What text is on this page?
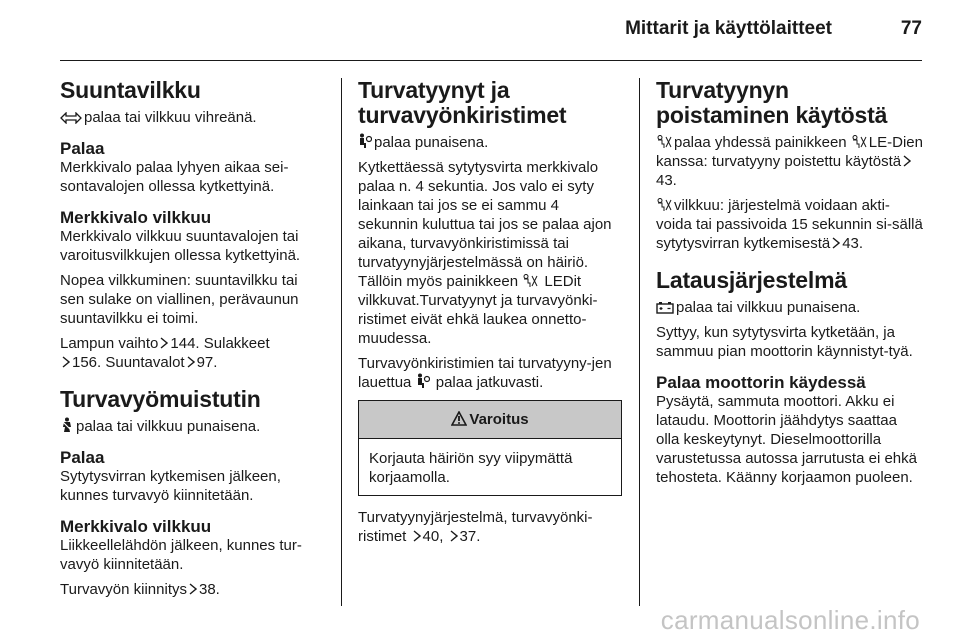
Mittarit ja käyttölaitteet	77
Suuntavilkku

palaa tai vilkkuu vihreänä.

Palaa

Merkkivalo palaa lyhyen aikaa sei-sontavalojen ollessa kytkettyinä.

Merkkivalo vilkkuu

Merkkivalo vilkkuu suuntavalojen tai varoitusvilkkujen ollessa kytkettyinä.

Nopea vilkkuminen: suuntavilkku tai sen sulake on viallinen, perävaunun suuntavilkku ei toimi.

Lampun vaihto 144. Sulakkeet
156. Suuntavalot 97.

Turvavyömuistutin

palaa tai vilkkuu punaisena.

Palaa

Sytytysvirran kytkemisen jälkeen, kunnes turvavyö kiinnitetään.

Merkkivalo vilkkuu

Liikkeellelähdön jälkeen, kunnes tur-vavyö kiinnitetään.

Turvavyön kiinnitys 38.

Turvatyynyt ja turvavyönkiristimet

palaa punaisena.

Kytkettäessä sytytysvirta merkkivalo palaa n. 4 sekuntia. Jos valo ei syty lainkaan tai jos se ei sammu 4 sekunnin kuluttua tai jos se palaa ajon aikana, turvavyönkiristimissä tai turvatyynyjärjestelmässä on häiriö. Tällöin myös painikkeen LEDit vilkkuvat.Turvatyynyt ja turvavyönki-ristimet eivät ehkä laukea onnetto-muudessa.

Turvavyönkiristimien tai turvatyyny-jen lauettua palaa jatkuvasti.

Varoitus
Korjauta häiriön syy viipymättä korjaamolla.

Turvatyynyjärjestelmä, turvavyönki-ristimet 40, 37.

Turvatyynyn poistaminen käytöstä

palaa yhdessä painikkeen LE-Dien kanssa: turvatyyny poistettu käytöstä43.

vilkkuu: järjestelmä voidaan akti-voida tai passivoida 15 sekunnin si-sällä sytytysvirran kytkemisestä 43.

Latausjärjestelmä

palaa tai vilkkuu punaisena.

Syttyy, kun sytytysvirta kytketään, ja sammuu pian moottorin käynnistyt-tyä.

Palaa moottorin käydessä

Pysäytä, sammuta moottori. Akku ei lataudu. Moottorin jäähdytys saattaa olla keskeytynyt. Dieselmoottorilla varustetussa autossa jarrutusta ei ehkä tehosteta. Käänny korjaamon puoleen.

carmanualsonline.info
